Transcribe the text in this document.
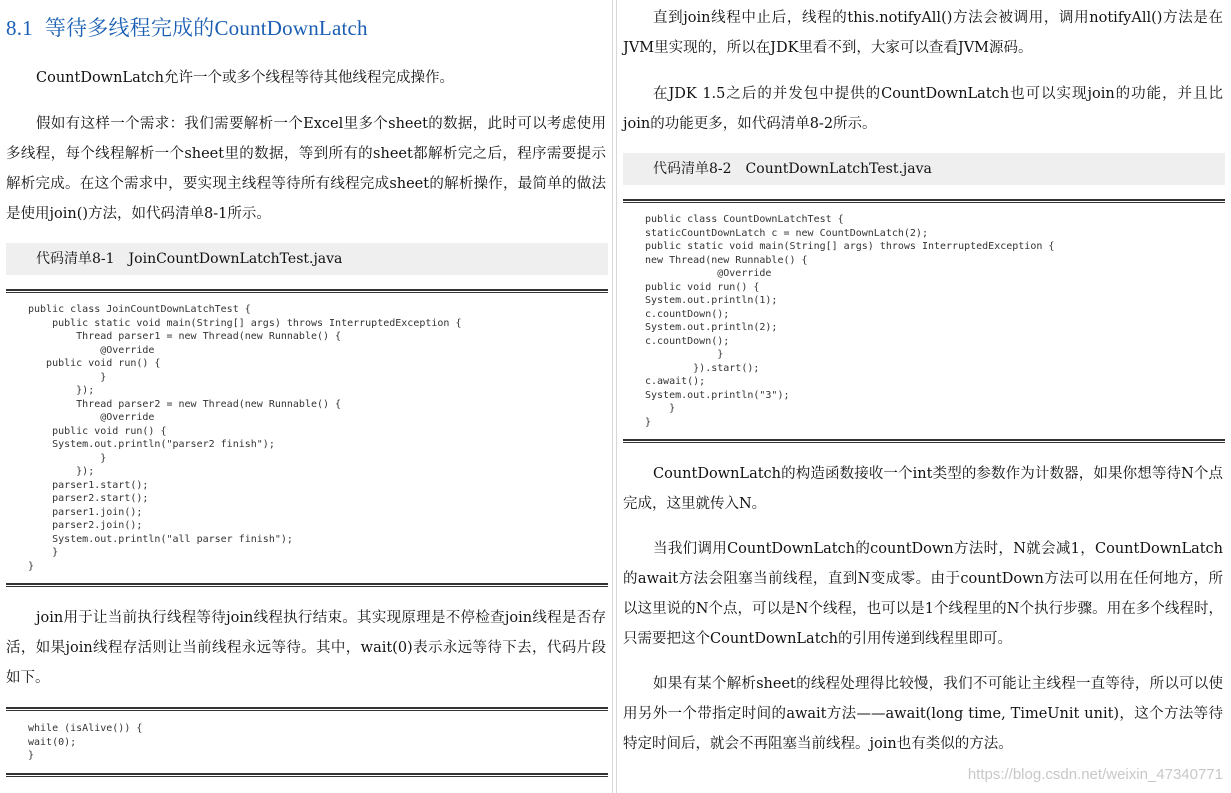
8.1 等待多线程完成的CountDownLatch

CountDownLatch允许一个或多个线程等待其他线程完成操作。

假如有这样一个需求：我们需要解析一个Excel里多个sheet的数据，此时可以考虑使用多线程，每个线程解析一个sheet里的数据，等到所有的sheet都解析完之后，程序需要提示解析完成。在这个需求中，要实现主线程等待所有线程完成sheet的解析操作，最简单的做法是使用join()方法，如代码清单8-1所示。

代码清单8-1 JoinCountDownLatchTest.java
public class JoinCountDownLatchTest {
public static void main(String[] args) throws InterruptedException {
Thread parser1 = new Thread(new Runnable() {
@Override
public void run() {
}
});
Thread parser2 = new Thread(new Runnable() {
@Override
public void run() {
System.out.println("parser2 finish");
}
});
parser1.start();
parser2.start();
parser1.join();
parser2.join();
System.out.println("all parser finish");
}
}

join用于让当前执行线程等待join线程执行结束。其实现原理是不停检查join线程是否存活，如果join线程存活则让当前线程永远等待。其中，wait(0)表示永远等待下去，代码片段如下。

while (isAlive()) {
wait(0);
}

直到join线程中止后，线程的this.notifyAll()方法会被调用，调用notifyAll()方法是在JVM里实现的，所以在JDK里看不到，大家可以查看JVM源码。

在JDK 1.5之后的并发包中提供的CountDownLatch也可以实现join的功能，并且比join的功能更多，如代码清单8-2所示。

代码清单8-2 CountDownLatchTest.java
public class CountDownLatchTest {
staticCountDownLatch c = new CountDownLatch(2);
public static void main(String[] args) throws InterruptedException {
new Thread(new Runnable() {
@Override
public void run() {
System.out.println(1);
c.countDown();
System.out.println(2);
c.countDown();
}
}).start();
c.await();
System.out.println("3");
}
}

CountDownLatch的构造函数接收一个int类型的参数作为计数器，如果你想等待N个点完成，这里就传入N。

当我们调用CountDownLatch的countDown方法时，N就会减1，CountDownLatch的await方法会阻塞当前线程，直到N变成零。由于countDown方法可以用在任何地方，所以这里说的N个点，可以是N个线程，也可以是1个线程里的N个执行步骤。用在多个线程时，只需要把这个CountDownLatch的引用传递到线程里即可。

如果有某个解析sheet的线程处理得比较慢，我们不可能让主线程一直等待，所以可以使用另外一个带指定时间的await方法——await(long time, TimeUnit unit)，这个方法等待特定时间后，就会不再阻塞当前线程。join也有类似的方法。

https://blog.csdn.net/weixin_47340771
